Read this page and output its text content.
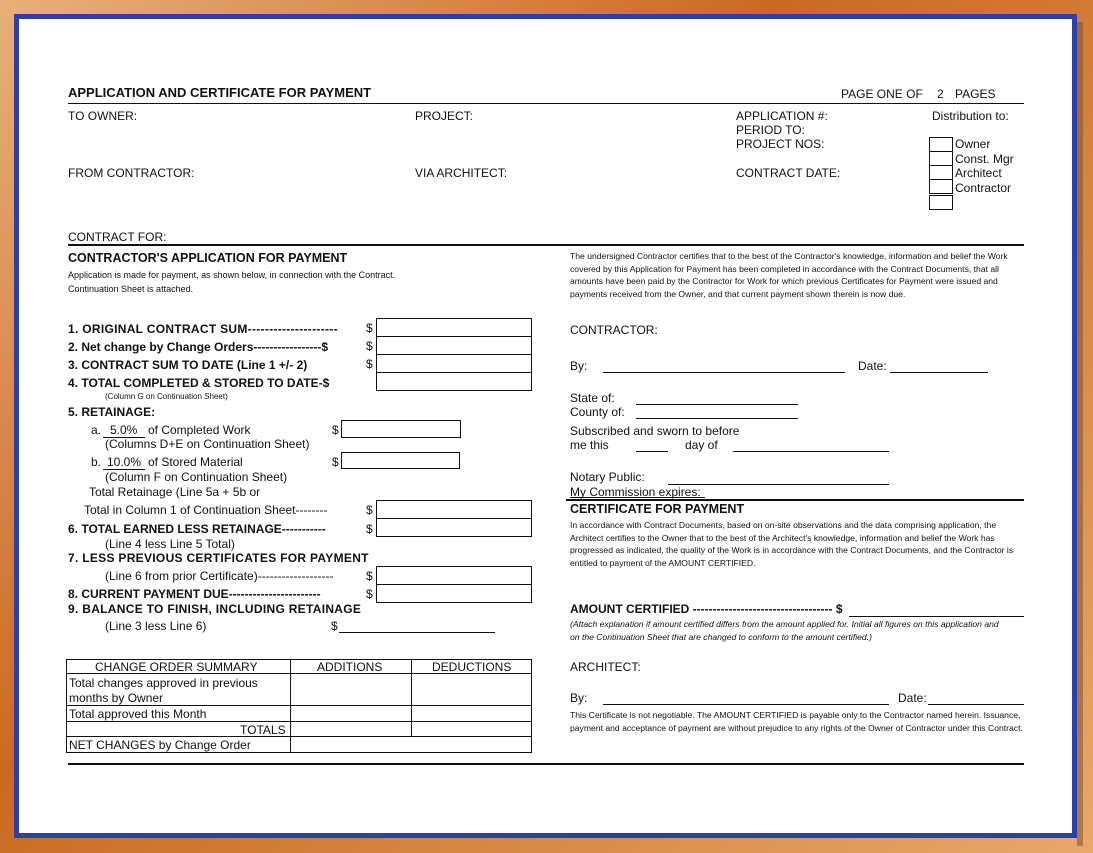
APPLICATION AND CERTIFICATE FOR PAYMENT	PAGE ONE OF 2 PAGES
TO OWNER:	PROJECT:	APPLICATION #:
PERIOD TO:
PROJECT NOS:
Distribution to:
Owner
Const. Mgr
Architect
Contractor
FROM CONTRACTOR:	VIA ARCHITECT:	CONTRACT DATE:
CONTRACT FOR:
CONTRACTOR'S APPLICATION FOR PAYMENT
Application is made for payment, as shown below, in connection with the Contract.
Continuation Sheet is attached.
1. ORIGINAL CONTRACT SUM--------------------- $
2. Net change by Change Orders-----------------$	$
3. CONTRACT SUM TO DATE (Line 1 +/- 2)	$
4. TOTAL COMPLETED & STORED TO DATE-$
(Column G on Continuation Sheet)
5. RETAINAGE:
a. 5.0% of Completed Work	$
(Columns D+E on Continuation Sheet)
b. 10.0% of Stored Material	$
(Column F on Continuation Sheet)
Total Retainage (Line 5a + 5b or
Total in Column 1 of Continuation Sheet--------	$
6. TOTAL EARNED LESS RETAINAGE-----------	$
(Line 4 less Line 5 Total)
7. LESS PREVIOUS CERTIFICATES FOR PAYMENT
(Line 6 from prior Certificate)-------------------	$
8. CURRENT PAYMENT DUE-----------------------	$
9. BALANCE TO FINISH, INCLUDING RETAINAGE
(Line 3 less Line 6)	$
CHANGE ORDER SUMMARY	ADDITIONS	DEDUCTIONS
Total changes approved in previous
months by Owner
Total approved this Month
TOTALS
NET CHANGES by Change Order
The undersigned Contractor certifies that to the best of the Contractor's knowledge, information and belief the Work covered by this Application for Payment has been completed in accordance with the Contract Documents, that all amounts have been paid by the Contractor for Work for which previous Certificates for Payment were issued and payments received from the Owner, and that current payment shown therein is now due.
CONTRACTOR:
By:	Date:
State of:
County of:
Subscribed and sworn to before
me this	day of
Notary Public:
My Commission expires:
CERTIFICATE FOR PAYMENT
In accordance with Contract Documents, based on on-site observations and the data comprising application, the Architect certifies to the Owner that to the best of the Architect's knowledge, information and belief the Work has progressed as indicated, the quality of the Work is in accordance with the Contract Documents, and the Contractor is entitled to payment of the AMOUNT CERTIFIED.
AMOUNT CERTIFIED ----------------------------------- $
(Attach explanation if amount certified differs from the amount applied for. Initial all figures on this application and on the Continuation Sheet that are changed to conform to the amount certified.)
ARCHITECT:
By:	Date:
This Certificate is not negotiable. The AMOUNT CERTIFIED is payable only to the Contractor named herein. Issuance, payment and acceptance of payment are without prejudice to any rights of the Owner of Contractor under this Contract.
